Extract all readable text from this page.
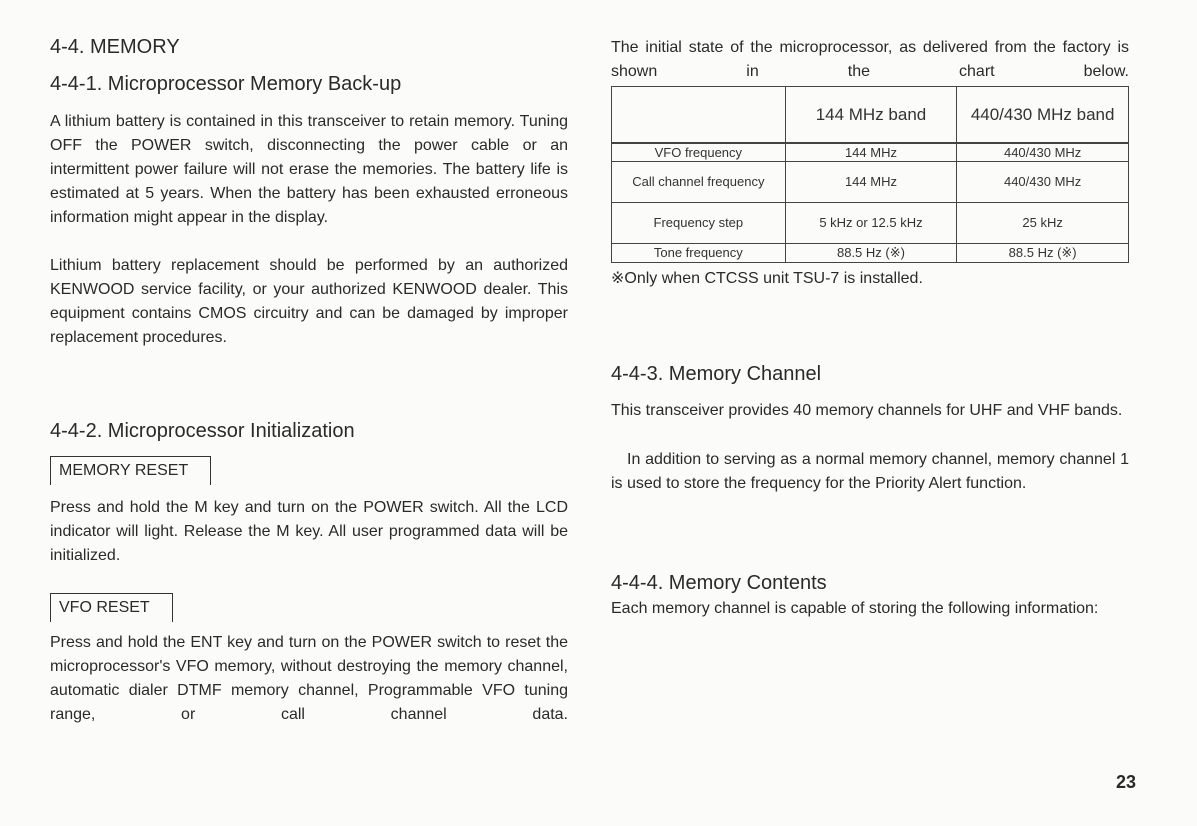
4-4. MEMORY
4-4-1. Microprocessor Memory Back-up

A lithium battery is contained in this transceiver to retain memory. Tuning OFF the POWER switch, disconnecting the power cable or an intermittent power failure will not erase the memories. The battery life is estimated at 5 years. When the battery has been exhausted erroneous information might appear in the display.

Lithium battery replacement should be performed by an authorized KENWOOD service facility, or your authorized KENWOOD dealer. This equipment contains CMOS circuitry and can be damaged by improper replacement procedures.

4-4-2. Microprocessor Initialization
MEMORY RESET

Press and hold the M key and turn on the POWER switch. All the LCD indicator will light. Release the M key. All user programmed data will be initialized.

VFO RESET

Press and hold the ENT key and turn on the POWER switch to reset the microprocessor's VFO memory, without destroying the memory channel, automatic dialer DTMF memory channel, Programmable VFO tuning range, or call channel data.

The initial state of the microprocessor, as delivered from the factory is shown in the chart below.

	144 MHz band	440/430 MHz band
VFO frequency	144 MHz	440/430 MHz
Call channel frequency	144 MHz	440/430 MHz
Frequency step	5 kHz or 12.5 kHz	25 kHz
Tone frequency	88.5 Hz (※)	88.5 Hz (※)
※Only when CTCSS unit TSU-7 is installed.
4-4-3. Memory Channel

This transceiver provides 40 memory channels for UHF and VHF bands.

In addition to serving as a normal memory channel, memory channel 1 is used to store the frequency for the Priority Alert function.

4-4-4. Memory Contents

Each memory channel is capable of storing the following information:

23
